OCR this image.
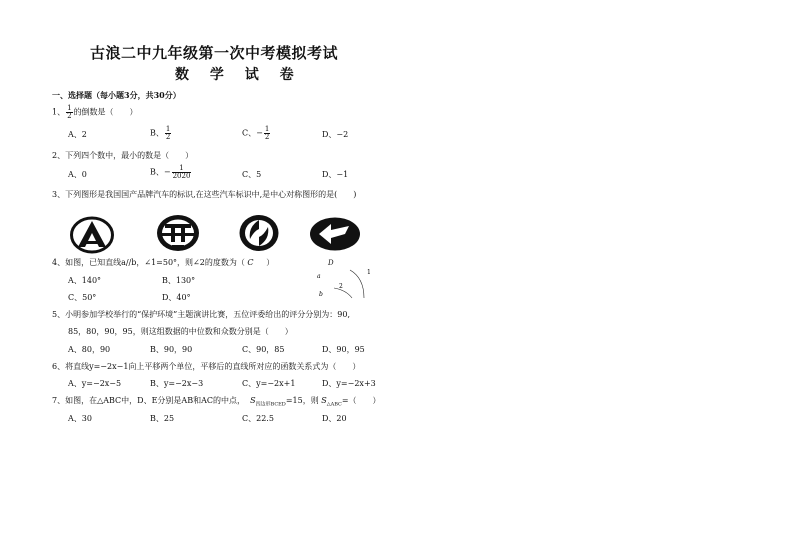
古浪二中九年级第一次中考模拟考试
数 学 试 卷
一、选择题（每小题3分，共30分）
1、 $\frac{1}{2}$ 的倒数是（　　）
A、2	B、 $\frac{1}{2}$	C、− $\frac{1}{2}$	D、−2
2、下列四个数中，最小的数是（　　）
A、0	B、− $\frac{1}{2020}$	C、5	D、−1
3、下列图形是我国国产品牌汽车的标识,在这些汽车标识中,是中心对称图形的是(　　)
4、如图，已知直线a//b，∠1=50°，则∠2的度数为（ C ）
A、140°	B、130°
C、50°	D、40°
D
a
b
1
2
5、小明参加学校举行的“保护环境”主题演讲比赛，五位评委给出的评分分别为：90,
85，80，90，95，则这组数据的中位数和众数分别是（　　）
A、80，90	B、90，90	C、90，85	D、90，95
6、将直线y=−2x−1向上平移两个单位，平移后的直线所对应的函数关系式为（　　）
A、y=−2x−5	B、y=−2x−3	C、y=−2x+1	D、y=−2x+3
7、如图，在△ABC中，D、E分别是AB和AC的中点， $S_{四边形BCED}=15$，则 $S_{\triangle ABC}=$（　　）
A、30	B、25	C、22.5	D、20
